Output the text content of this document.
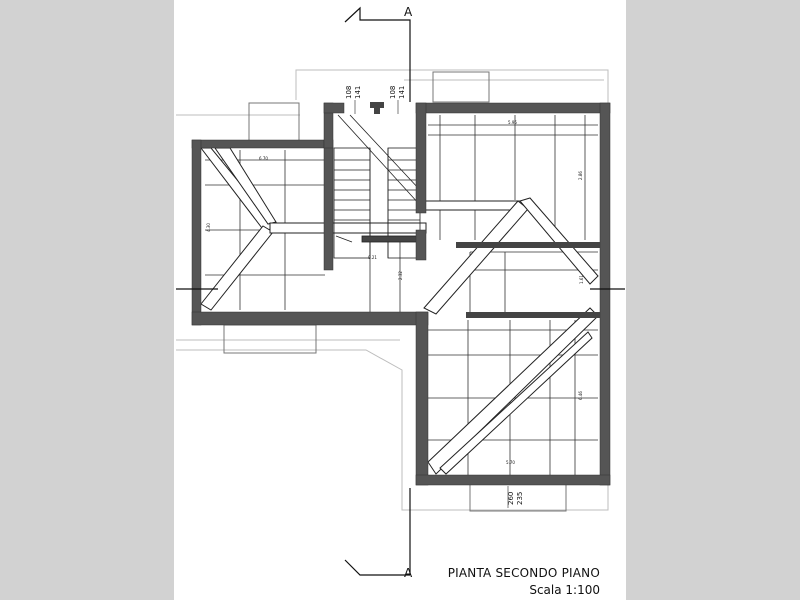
108 141	108 141
260 235
6.70
5.95
2.86
0.21
2.32	1.61
6.46
5.70
4.30
A
A	PIANTA SECONDO PIANO
Scala 1:100
